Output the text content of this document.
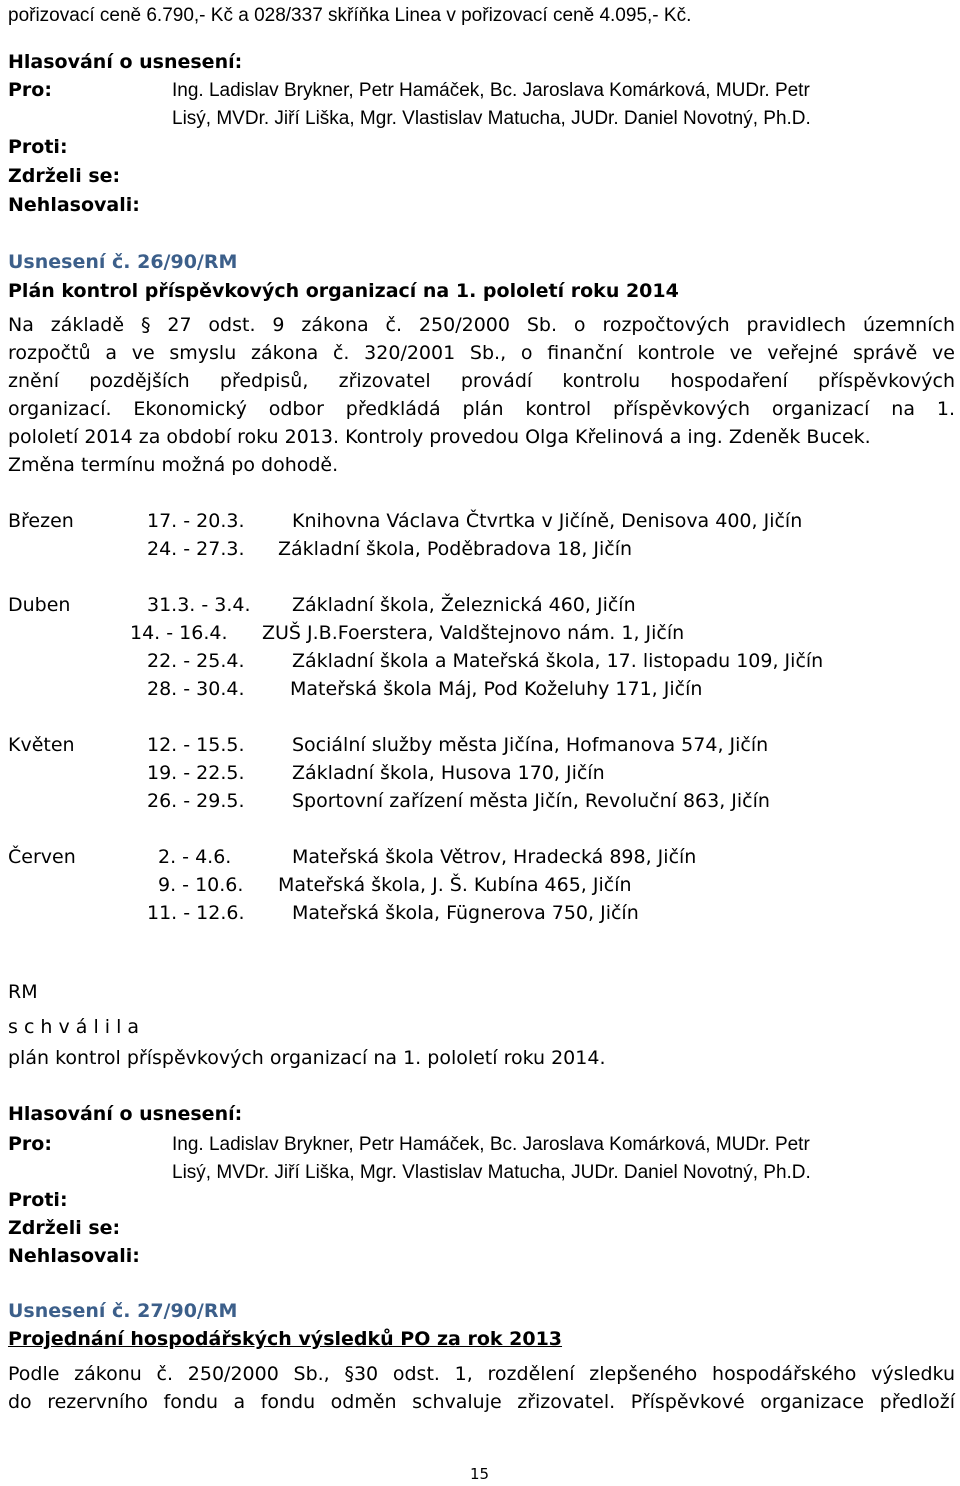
pořizovací ceně 6.790,- Kč a 028/337 skříňka Linea v pořizovací ceně 4.095,- Kč.
Hlasování o usnesení:
Pro:	Ing. Ladislav Brykner, Petr Hamáček, Bc. Jaroslava Komárková, MUDr. Petr
Lisý, MVDr. Jiří Liška, Mgr. Vlastislav Matucha, JUDr. Daniel Novotný, Ph.D.
Proti:
Zdrželi se:
Nehlasovali:
Usnesení č. 26/90/RM
Plán kontrol příspěvkových organizací na 1. pololetí roku 2014
Na základě § 27 odst. 9 zákona č. 250/2000 Sb. o rozpočtových pravidlech územních
rozpočtů a ve smyslu zákona č. 320/2001 Sb., o finanční kontrole ve veřejné správě ve
znění pozdějších předpisů, zřizovatel provádí kontrolu hospodaření příspěvkových
organizací. Ekonomický odbor předkládá plán kontrol příspěvkových organizací na 1.
pololetí 2014 za období roku 2013. Kontroly provedou Olga Křelinová a ing. Zdeněk Bucek.
Změna termínu možná po dohodě.
Březen	17. - 20.3.	Knihovna Václava Čtvrtka v Jičíně, Denisova 400, Jičín
24. - 27.3. Základní škola, Poděbradova 18, Jičín
Duben	31.3. - 3.4. Základní škola, Železnická 460, Jičín
14. - 16.4. ZUŠ J.B.Foerstera, Valdštejnovo nám. 1, Jičín
22. - 25.4.	Základní škola a Mateřská škola, 17. listopadu 109, Jičín
28. - 30.4. Mateřská škola Máj, Pod Koželuhy 171, Jičín
Květen	12. - 15.5.	Sociální služby města Jičína, Hofmanova 574, Jičín
19. - 22.5.	Základní škola, Husova 170, Jičín
26. - 29.5.	Sportovní zařízení města Jičín, Revoluční 863, Jičín
Červen	2. - 4.6.	Mateřská škola Větrov, Hradecká 898, Jičín
9. - 10.6. Mateřská škola, J. Š. Kubína 465, Jičín
11. - 12.6.	Mateřská škola, Fügnerova 750, Jičín
RM
s c h v á l i l a
plán kontrol příspěvkových organizací na 1. pololetí roku 2014.
Hlasování o usnesení:
Pro:	Ing. Ladislav Brykner, Petr Hamáček, Bc. Jaroslava Komárková, MUDr. Petr
Lisý, MVDr. Jiří Liška, Mgr. Vlastislav Matucha, JUDr. Daniel Novotný, Ph.D.
Proti:
Zdrželi se:
Nehlasovali:
Usnesení č. 27/90/RM
Projednání hospodářských výsledků PO za rok 2013
Podle zákonu č. 250/2000 Sb., §30 odst. 1, rozdělení zlepšeného hospodářského výsledku
do rezervního fondu a fondu odměn schvaluje zřizovatel. Příspěvkové organizace předloží
15
